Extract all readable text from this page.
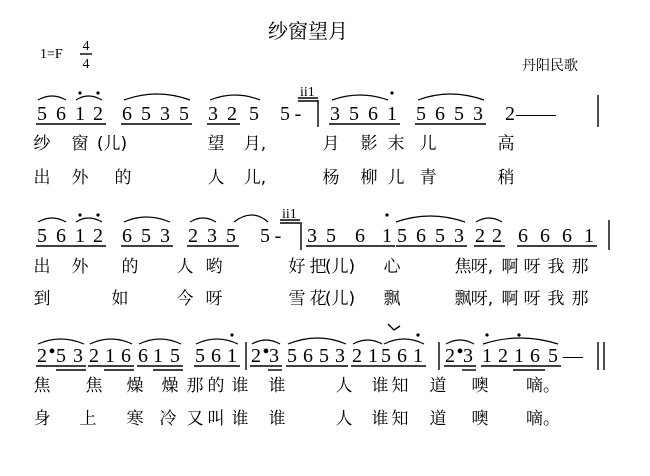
纱窗望月
1=F
4
4	丹阳民歌
5 6 1 2 6 5 3 5 3 2 5 5 - 3 5 6 1 5 6 5 3 2 ——
纱 窗 (儿)	望 月,	月 影 末 儿	高
出 外 的	人 儿,	杨 柳 儿 青	稍
5 6 1 2 6 5 3 2 3 5 5 - 3 5 6 1 5 6 5 3 2 2 6 6 6 1
出 外 的 人 哟	好 把
(儿) 心	焦 呀, 啊 呀 我 那
到	如	今 呀	雪 花
(儿) 飘	飘 呀, 啊 呀 我 那
2 • 5 3 2 1 6 6 1 5 5 6 1 2 • 3 5 6 5 3 2 1 5 6 1 2 • 3 1 2 1 6 5 —
焦 焦 燥 燥 那 的 谁 谁	人 谁 知 道 噢 嘀。
身 上 寒 冷 又 叫 谁 谁	人 谁 知 道 噢 嘀。
ii1
ii1
